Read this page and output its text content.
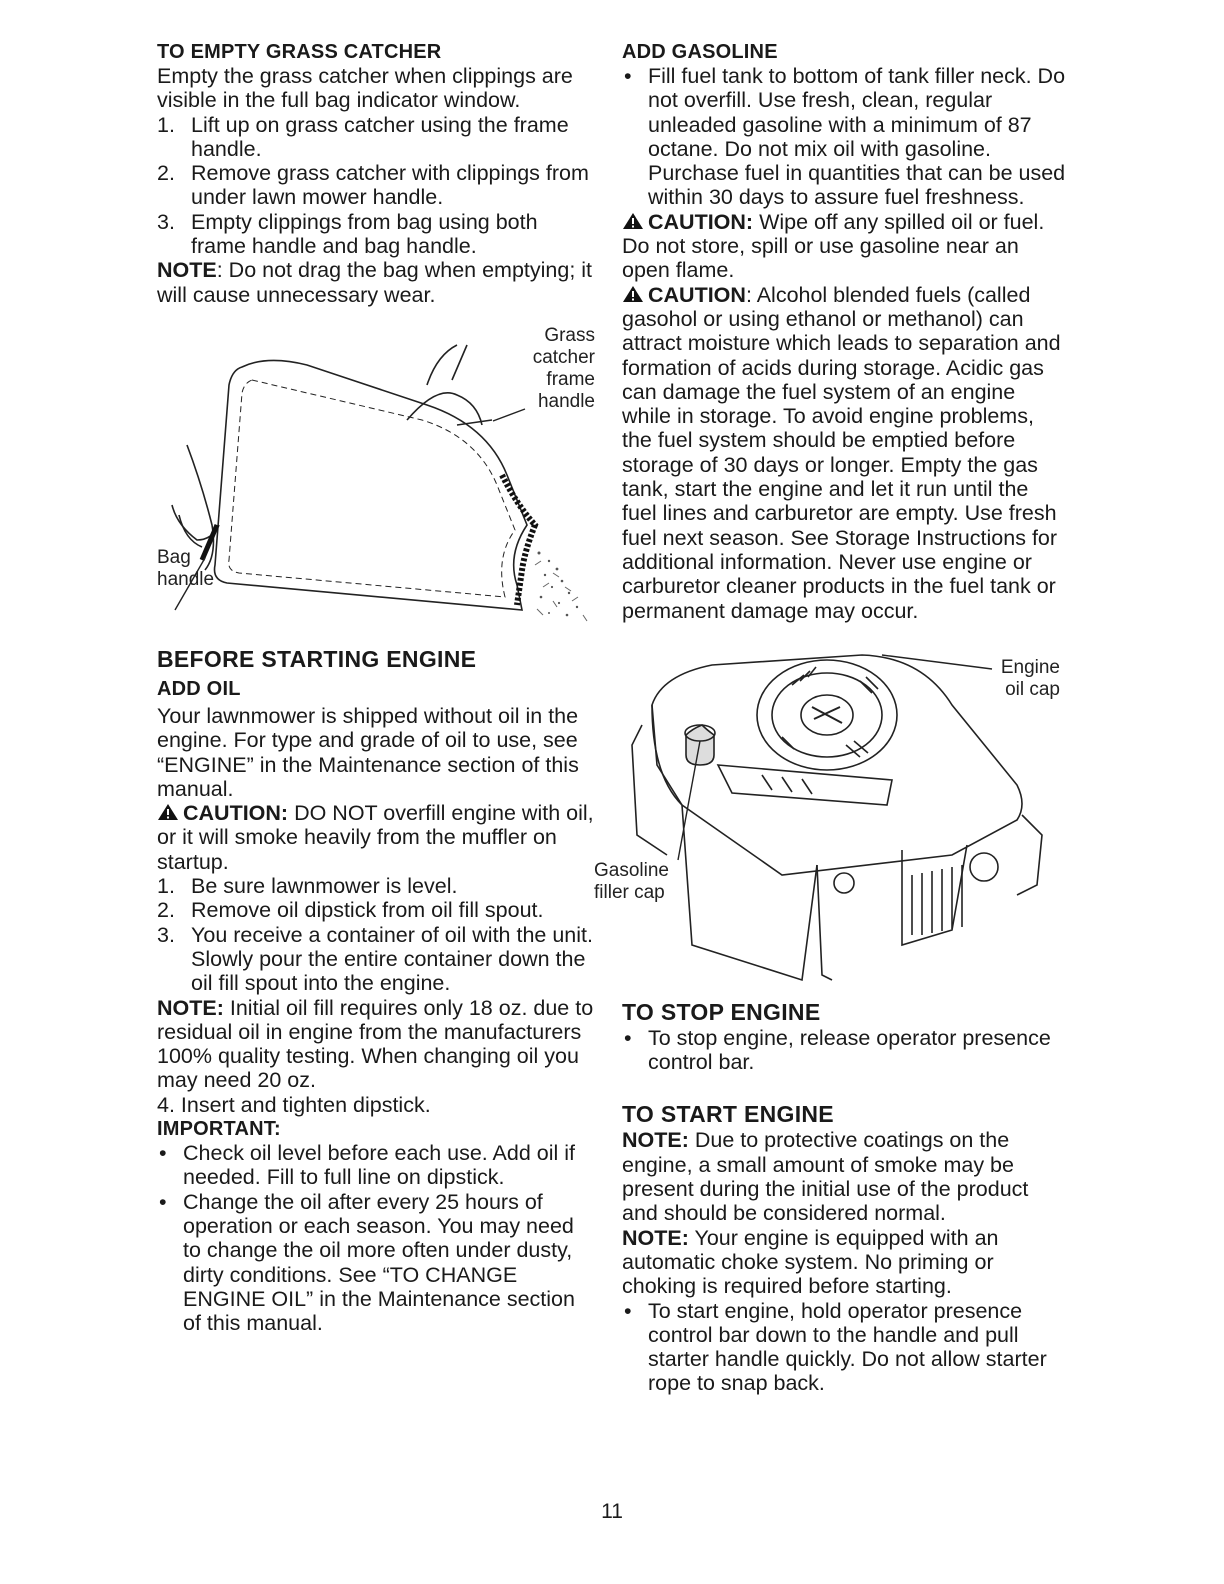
TO EMPTY GRASS CATCHER

Empty the grass catcher when clippings are visible in the full bag indicator window.

1. Lift up on grass catcher using the frame handle.
2. Remove grass catcher with clippings from under lawn mower handle.
3. Empty clippings from bag using both frame handle and bag handle.

NOTE: Do not drag the bag when emptying; it will cause unnecessary wear.

Grass
catcher
frame
handle
Bag
handle
BEFORE STARTING ENGINE
ADD OIL

Your lawnmower is shipped without oil in the engine. For type and grade of oil to use, see “ENGINE” in the Maintenance section of this manual.

CAUTION: DO NOT overfill engine with oil, or it will smoke heavily from the muffler on startup.

1. Be sure lawnmower is level.
2. Remove oil dipstick from oil fill spout.
3. You receive a container of oil with the unit. Slowly pour the entire container down the oil fill spout into the engine.

NOTE: Initial oil fill requires only 18 oz. due to residual oil in engine from the manufacturers 100% quality testing. When changing oil you may need 20 oz.

4. Insert and tighten dipstick.

IMPORTANT:
• Check oil level before each use. Add oil if needed. Fill to full line on dipstick.
• Change the oil after every 25 hours of operation or each season. You may need to change the oil more often under dusty, dirty conditions. See “TO CHANGE ENGINE OIL” in the Maintenance section of this manual.
ADD GASOLINE
• Fill fuel tank to bottom of tank filler neck. Do not overfill. Use fresh, clean, regular unleaded gasoline with a minimum of 87 octane. Do not mix oil with gasoline. Purchase fuel in quantities that can be used within 30 days to assure fuel freshness.

CAUTION: Wipe off any spilled oil or fuel. Do not store, spill or use gasoline near an open flame.

CAUTION: Alcohol blended fuels (called gasohol or using ethanol or methanol) can attract moisture which leads to separation and formation of acids during storage. Acidic gas can damage the fuel system of an engine while in storage. To avoid engine problems, the fuel system should be emptied before storage of 30 days or longer. Empty the gas tank, start the engine and let it run until the fuel lines and carburetor are empty. Use fresh fuel next season. See Storage Instructions for additional information. Never use engine or carburetor cleaner products in the fuel tank or permanent damage may occur.

Engine
oil cap
Gasoline
filler cap
TO STOP ENGINE
• To stop engine, release operator presence control bar.
TO START ENGINE

NOTE: Due to protective coatings on the engine, a small amount of smoke may be present during the initial use of the product and should be considered normal.

NOTE: Your engine is equipped with an automatic choke system. No priming or choking is required before starting.

• To start engine, hold operator presence control bar down to the handle and pull starter handle quickly. Do not allow starter rope to snap back.
11
